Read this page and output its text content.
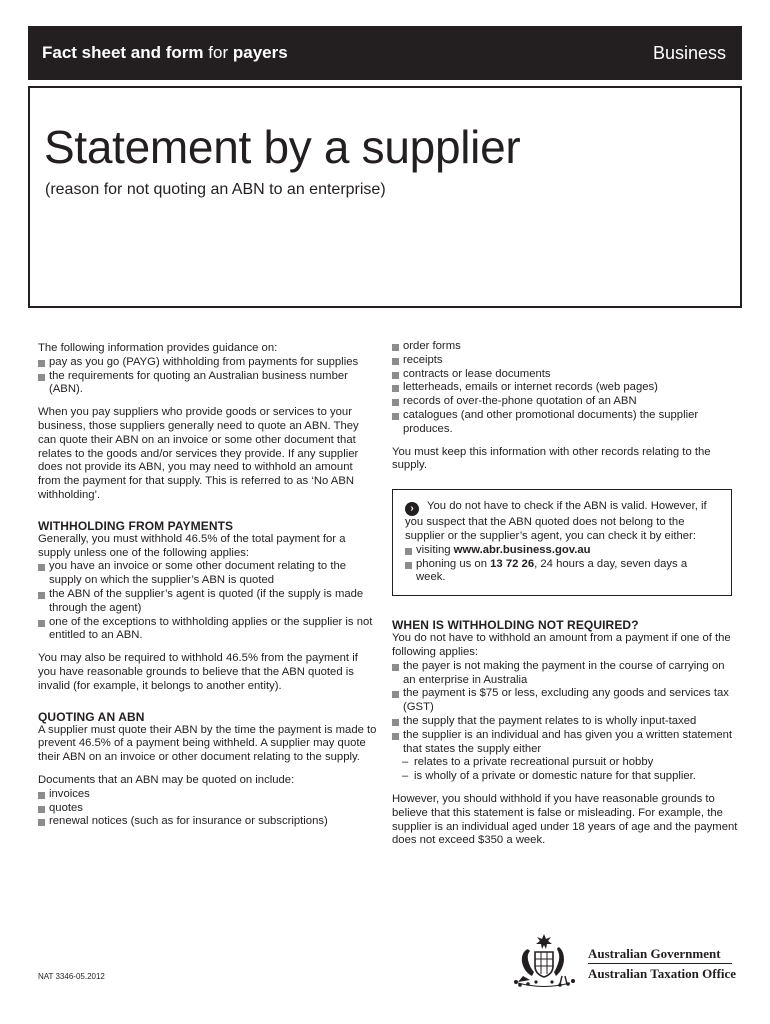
Fact sheet and form for payers	Business
Statement by a supplier
(reason for not quoting an ABN to an enterprise)

The following information provides guidance on:

pay as you go (PAYG) withholding from payments for supplies
the requirements for quoting an Australian business number (ABN).

When you pay suppliers who provide goods or services to your business, those suppliers generally need to quote an ABN. They can quote their ABN on an invoice or some other document that relates to the goods and/or services they provide. If any supplier does not provide its ABN, you may need to withhold an amount from the payment for that supply. This is referred to as ‘No ABN withholding’.

WITHHOLDING FROM PAYMENTS

Generally, you must withhold 46.5% of the total payment for a supply unless one of the following applies:

you have an invoice or some other document relating to the supply on which the supplier’s ABN is quoted
the ABN of the supplier’s agent is quoted (if the supply is made through the agent)
one of the exceptions to withholding applies or the supplier is not entitled to an ABN.

You may also be required to withhold 46.5% from the payment if you have reasonable grounds to believe that the ABN quoted is invalid (for example, it belongs to another entity).

QUOTING AN ABN

A supplier must quote their ABN by the time the payment is made to prevent 46.5% of a payment being withheld. A supplier may quote their ABN on an invoice or other document relating to the supply.

Documents that an ABN may be quoted on include:

invoices
quotes
renewal notices (such as for insurance or subscriptions)
order forms
receipts
contracts or lease documents
letterheads, emails or internet records (web pages)
records of over-the-phone quotation of an ABN
catalogues (and other promotional documents) the supplier produces.

You must keep this information with other records relating to the supply.

› You do not have to check if the ABN is valid. However, if you suspect that the ABN quoted does not belong to the supplier or the supplier’s agent, you can check it by either:
visiting www.abr.business.gov.au
phoning us on 13 72 26, 24 hours a day, seven days a week.
WHEN IS WITHHOLDING NOT REQUIRED?

You do not have to withhold an amount from a payment if one of the following applies:

the payer is not making the payment in the course of carrying on an enterprise in Australia
the payment is $75 or less, excluding any goods and services tax (GST)
the supply that the payment relates to is wholly input-taxed
the supplier is an individual and has given you a written statement that states the supply either
– relates to a private recreational pursuit or hobby
– is wholly of a private or domestic nature for that supplier.

However, you should withhold if you have reasonable grounds to believe that this statement is false or misleading. For example, the supplier is an individual aged under 18 years of age and the payment does not exceed $350 a week.

NAT 3346-05.2012
Australian Government
Australian Taxation Office
